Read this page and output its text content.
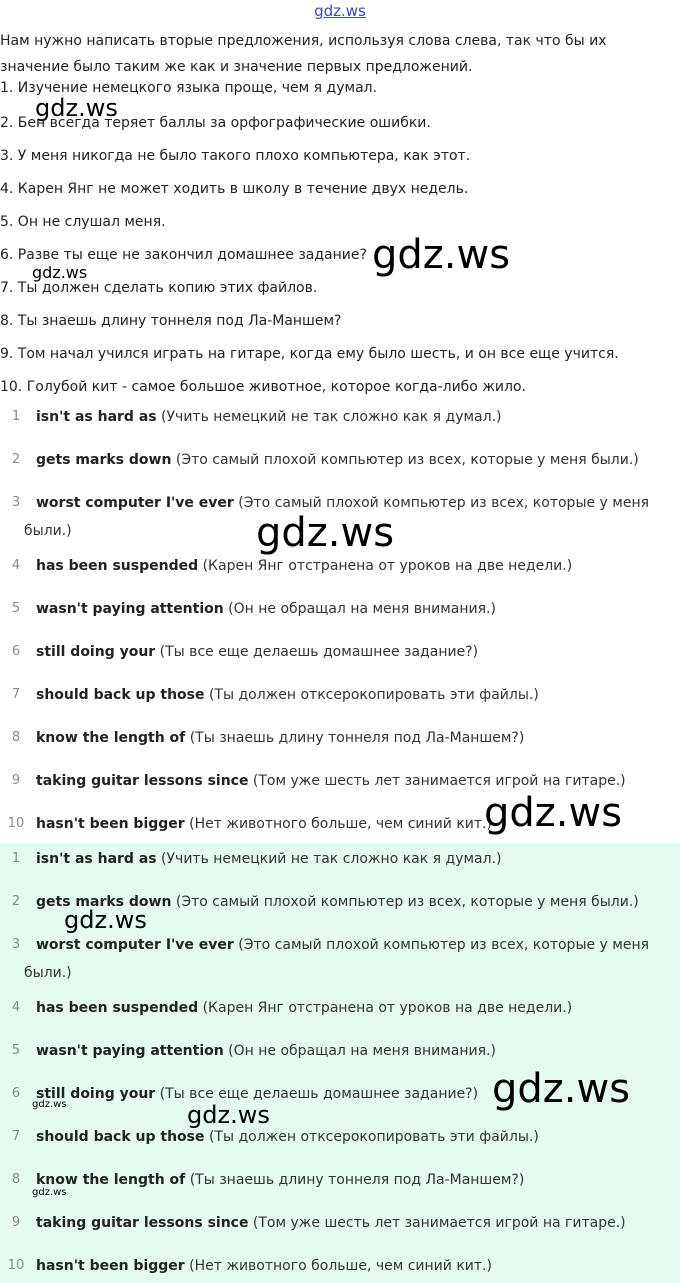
gdz.ws
Нам нужно написать вторые предложения, используя слова слева, так что бы их значение было таким же как и значение первых предложений.
1. Изучение немецкого языка проще, чем я думал.
2. Бен всегда теряет баллы за орфографические ошибки.
3. У меня никогда не было такого плохо компьютера, как этот.
4. Карен Янг не может ходить в школу в течение двух недель.
5. Он не слушал меня.
6. Разве ты еще не закончил домашнее задание?
7. Ты должен сделать копию этих файлов.
8. Ты знаешь длину тоннеля под Ла-Маншем?
9. Том начал учился играть на гитаре, когда ему было шесть, и он все еще учится.
10. Голубой кит - самое большое животное, которое когда-либо жило.
1	isn't as hard as (Учить немецкий не так сложно как я думал.)
2	gets marks down (Это самый плохой компьютер из всех, которые у меня были.)
3	worst computer I've ever (Это самый плохой компьютер из всех, которые у меня
были.)
4	has been suspended (Карен Янг отстранена от уроков на две недели.)
5	wasn't paying attention (Он не обращал на меня внимания.)
6	still doing your (Ты все еще делаешь домашнее задание?)
7	should back up those (Ты должен отксерокопировать эти файлы.)
8	know the length of (Ты знаешь длину тоннеля под Ла-Маншем?)
9	taking guitar lessons since (Том уже шесть лет занимается игрой на гитаре.)
10 hasn't been bigger (Нет животного больше, чем синий кит.)
1	isn't as hard as (Учить немецкий не так сложно как я думал.)
2	gets marks down (Это самый плохой компьютер из всех, которые у меня были.)
3	worst computer I've ever (Это самый плохой компьютер из всех, которые у меня
были.)
4	has been suspended (Карен Янг отстранена от уроков на две недели.)
5	wasn't paying attention (Он не обращал на меня внимания.)
6	still doing your (Ты все еще делаешь домашнее задание?)
7	should back up those (Ты должен отксерокопировать эти файлы.)
8	know the length of (Ты знаешь длину тоннеля под Ла-Маншем?)
9	taking guitar lessons since (Том уже шесть лет занимается игрой на гитаре.)
10 hasn't been bigger (Нет животного больше, чем синий кит.)
gdz.ws
gdz.ws	gdz.ws
gdz.ws
gdz.ws
gdz.ws
gdz.ws
gdz.ws	gdz.ws
gdz.ws
